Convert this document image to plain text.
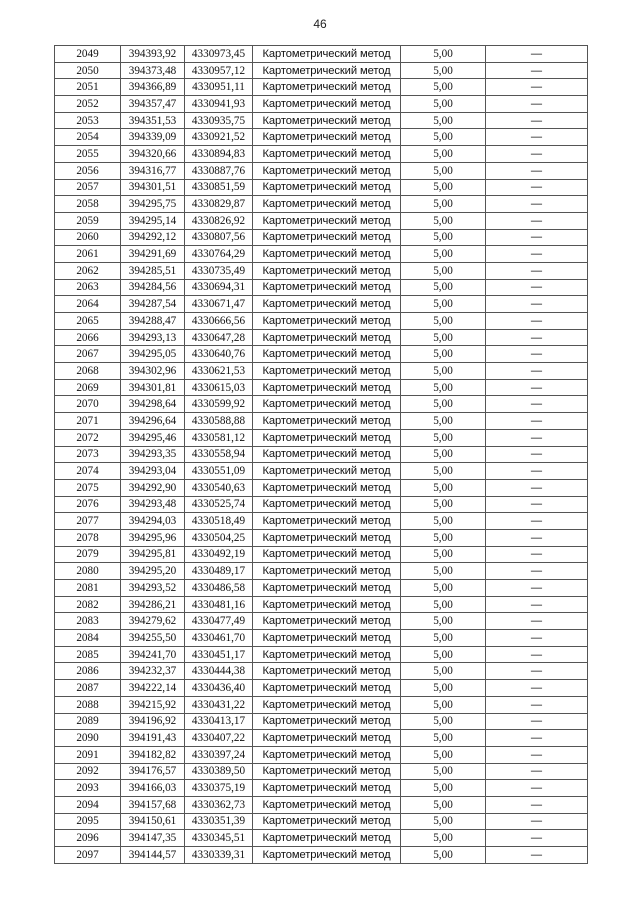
46
2049	394393,92	4330973,45	Картометрический метод	5,00	—
2050	394373,48	4330957,12	Картометрический метод	5,00	—
2051	394366,89	4330951,11	Картометрический метод	5,00	—
2052	394357,47	4330941,93	Картометрический метод	5,00	—
2053	394351,53	4330935,75	Картометрический метод	5,00	—
2054	394339,09	4330921,52	Картометрический метод	5,00	—
2055	394320,66	4330894,83	Картометрический метод	5,00	—
2056	394316,77	4330887,76	Картометрический метод	5,00	—
2057	394301,51	4330851,59	Картометрический метод	5,00	—
2058	394295,75	4330829,87	Картометрический метод	5,00	—
2059	394295,14	4330826,92	Картометрический метод	5,00	—
2060	394292,12	4330807,56	Картометрический метод	5,00	—
2061	394291,69	4330764,29	Картометрический метод	5,00	—
2062	394285,51	4330735,49	Картометрический метод	5,00	—
2063	394284,56	4330694,31	Картометрический метод	5,00	—
2064	394287,54	4330671,47	Картометрический метод	5,00	—
2065	394288,47	4330666,56	Картометрический метод	5,00	—
2066	394293,13	4330647,28	Картометрический метод	5,00	—
2067	394295,05	4330640,76	Картометрический метод	5,00	—
2068	394302,96	4330621,53	Картометрический метод	5,00	—
2069	394301,81	4330615,03	Картометрический метод	5,00	—
2070	394298,64	4330599,92	Картометрический метод	5,00	—
2071	394296,64	4330588,88	Картометрический метод	5,00	—
2072	394295,46	4330581,12	Картометрический метод	5,00	—
2073	394293,35	4330558,94	Картометрический метод	5,00	—
2074	394293,04	4330551,09	Картометрический метод	5,00	—
2075	394292,90	4330540,63	Картометрический метод	5,00	—
2076	394293,48	4330525,74	Картометрический метод	5,00	—
2077	394294,03	4330518,49	Картометрический метод	5,00	—
2078	394295,96	4330504,25	Картометрический метод	5,00	—
2079	394295,81	4330492,19	Картометрический метод	5,00	—
2080	394295,20	4330489,17	Картометрический метод	5,00	—
2081	394293,52	4330486,58	Картометрический метод	5,00	—
2082	394286,21	4330481,16	Картометрический метод	5,00	—
2083	394279,62	4330477,49	Картометрический метод	5,00	—
2084	394255,50	4330461,70	Картометрический метод	5,00	—
2085	394241,70	4330451,17	Картометрический метод	5,00	—
2086	394232,37	4330444,38	Картометрический метод	5,00	—
2087	394222,14	4330436,40	Картометрический метод	5,00	—
2088	394215,92	4330431,22	Картометрический метод	5,00	—
2089	394196,92	4330413,17	Картометрический метод	5,00	—
2090	394191,43	4330407,22	Картометрический метод	5,00	—
2091	394182,82	4330397,24	Картометрический метод	5,00	—
2092	394176,57	4330389,50	Картометрический метод	5,00	—
2093	394166,03	4330375,19	Картометрический метод	5,00	—
2094	394157,68	4330362,73	Картометрический метод	5,00	—
2095	394150,61	4330351,39	Картометрический метод	5,00	—
2096	394147,35	4330345,51	Картометрический метод	5,00	—
2097	394144,57	4330339,31	Картометрический метод	5,00	—
